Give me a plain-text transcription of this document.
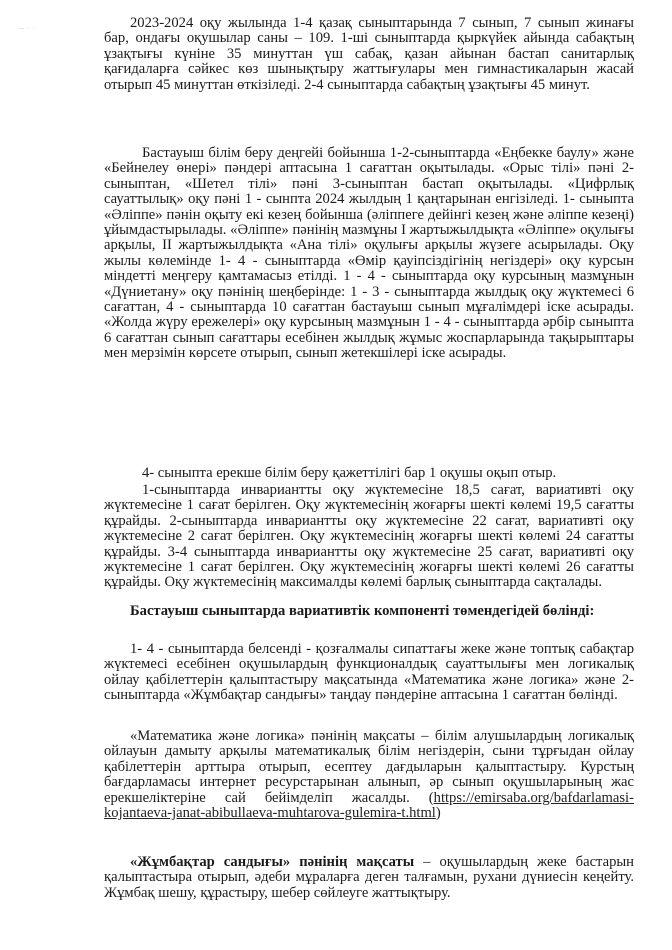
— · ·	2023-2024 оқу жылында 1-4 қазақ сыныптарында 7 сынып, 7 сынып жинағы бар, ондағы оқушылар саны – 109. 1-ші сыныптарда қыркүйек айында сабақтың ұзақтығы күніне 35 минуттан үш сабақ, қазан айынан бастап санитарлық қағидаларға сәйкес көз шынықтыру жаттығулары мен гимнастикаларын жасай отырып 45 минуттан өткізіледі. 2-4 сыныптарда сабақтың ұзақтығы 45 минут.
Бастауыш білім беру деңгейі бойынша 1-2-сыныптарда «Еңбекке баулу» және «Бейнелеу өнері» пәндері аптасына 1 сағаттан оқытылады. «Орыс тілі» пәні 2-сыныптан, «Шетел тілі» пәні 3-сыныптан бастап оқытылады. «Цифрлық сауаттылық» оқу пәні 1 - сынпта 2024 жылдың 1 қаңтарынан енгізіледі. 1- сыныпта «Әліппе» пәнін оқыту екі кезең бойынша (әліппеге дейінгі кезең және әліппе кезеңі) ұйымдастырылады. «Әліппе» пәнінің мазмұны І жартыжылдықта «Әліппе» оқулығы арқылы, ІІ жартыжылдықта «Ана тілі» оқулығы арқылы жүзеге асырылады. Оқу жылы көлемінде 1- 4 - сыныптарда «Өмір қауіпсіздігінің негіздері» оқу курсын міндетті меңгеру қамтамасыз етілді. 1 - 4 - сыныптарда оқу курсының мазмұнын «Дүниетану» оқу пәнінің шеңберінде: 1 - 3 - сыныптарда жылдық оқу жүктемесі 6 сағаттан, 4 - сыныптарда 10 сағаттан бастауыш сынып мұғалімдері іске асырады. «Жолда жүру ережелері» оқу курсының мазмұнын 1 - 4 - сыныптарда әрбір сыныпта 6 сағаттан сынып сағаттары есебінен жылдық жұмыс жоспарларында тақырыптары мен мерзімін көрсете отырып, сынып жетекшілері іске асырады.
4- сыныпта ерекше білім беру қажеттілігі бар 1 оқушы оқып отыр.
1-сыныптарда инвариантты оқу жүктемесіне 18,5 сағат, вариативті оқу жүктемесіне 1 сағат берілген. Оқу жүктемесінің жоғарғы шекті көлемі 19,5 сағатты құрайды. 2-сыныптарда инвариантты оқу жүктемесіне 22 сағат, вариативті оқу жүктемесіне 2 сағат берілген. Оқу жүктемесінің жоғарғы шекті көлемі 24 сағатты құрайды. 3-4 сыныптарда инвариантты оқу жүктемесіне 25 сағат, вариативті оқу жүктемесіне 1 сағат берілген. Оқу жүктемесінің жоғарғы шекті көлемі 26 сағатты құрайды. Оқу жүктемесінің максималды көлемі барлық сыныптарда сақталады.
Бастауыш сыныптарда вариативтік компоненті төмендегідей бөлінді:
1- 4 - сыныптарда белсенді - қозғалмалы сипаттағы жеке және топтық сабақтар жүктемесі есебінен оқушылардың функционалдық сауаттылығы мен логикалық ойлау қабілеттерін қалыптастыру мақсатында «Математика және логика» және 2- сыныптарда «Жұмбақтар сандығы» таңдау пәндеріне аптасына 1 сағаттан бөлінді.
«Математика және логика» пәнінің мақсаты – білім алушылардың логикалық ойлауын дамыту арқылы математикалық білім негіздерін, сыни тұрғыдан ойлау қабілеттерін арттыра отырып, есептеу дағдыларын қалыптастыру. Курстың бағдарламасы интернет ресурстарынан алынып, әр сынып оқушыларының жас ерекшеліктеріне сай бейімделіп жасалды. (https://emirsaba.org/bafdarlamasi-kojantaeva-janat-abibullaeva-muhtarova-gulemira-t.html)
«Жұмбақтар сандығы» пәнінің мақсаты – оқушылардың жеке бастарын қалыптастыра отырып, әдеби мұраларға деген талғамын, рухани дүниесін кеңейту. Жұмбақ шешу, құрастыру, шебер сөйлеуге жаттықтыру.
